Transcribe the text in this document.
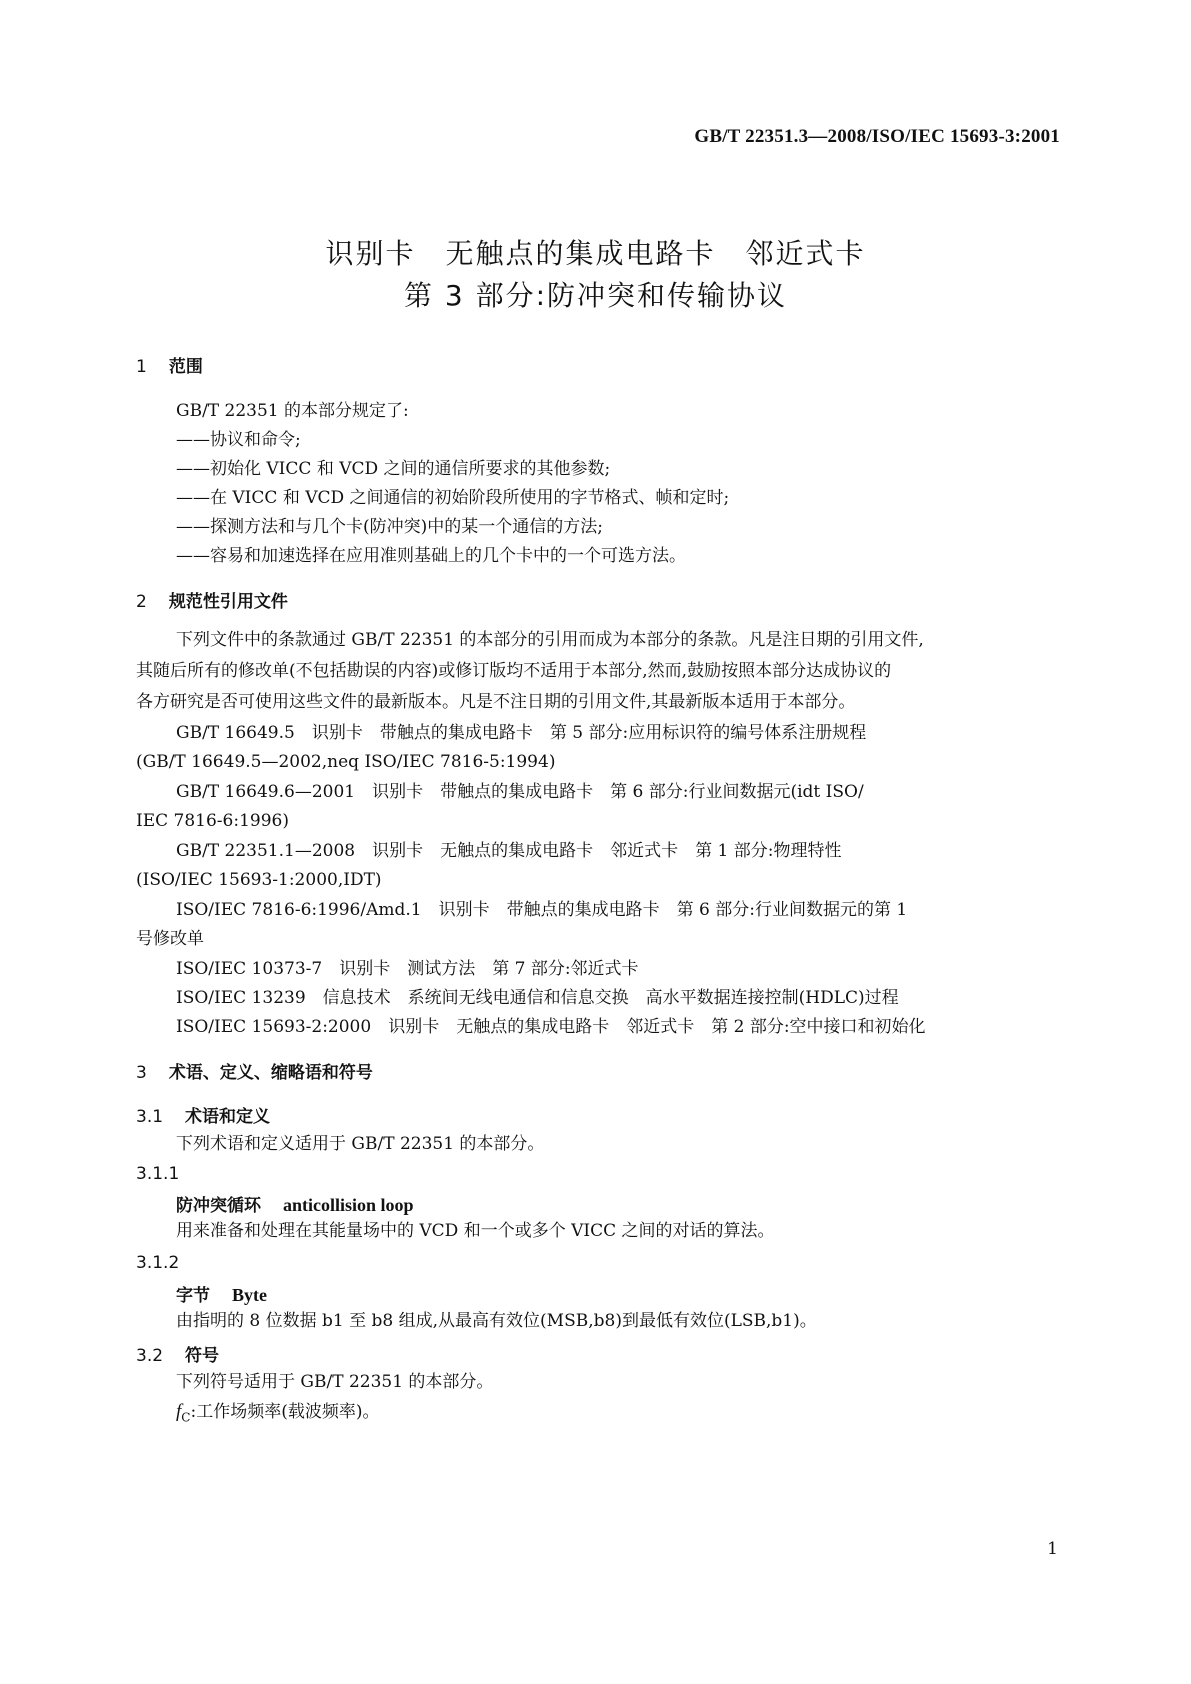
GB/T 22351.3—2008/ISO/IEC 15693-3:2001
识别卡　无触点的集成电路卡　邻近式卡
第 3 部分:防冲突和传输协议
1 范围
GB/T 22351 的本部分规定了:
——协议和命令;
——初始化 VICC 和 VCD 之间的通信所要求的其他参数;
——在 VICC 和 VCD 之间通信的初始阶段所使用的字节格式、帧和定时;
——探测方法和与几个卡(防冲突)中的某一个通信的方法;
——容易和加速选择在应用准则基础上的几个卡中的一个可选方法。
2 规范性引用文件
下列文件中的条款通过 GB/T 22351 的本部分的引用而成为本部分的条款。凡是注日期的引用文件,
其随后所有的修改单(不包括勘误的内容)或修订版均不适用于本部分,然而,鼓励按照本部分达成协议的
各方研究是否可使用这些文件的最新版本。凡是不注日期的引用文件,其最新版本适用于本部分。
GB/T 16649.5　识别卡　带触点的集成电路卡　第 5 部分:应用标识符的编号体系注册规程
(GB/T 16649.5—2002,neq ISO/IEC 7816-5:1994)
GB/T 16649.6—2001　识别卡　带触点的集成电路卡　第 6 部分:行业间数据元(idt ISO/
IEC 7816-6:1996)
GB/T 22351.1—2008　识别卡　无触点的集成电路卡　邻近式卡　第 1 部分:物理特性
(ISO/IEC 15693-1:2000,IDT)
ISO/IEC 7816-6:1996/Amd.1　识别卡　带触点的集成电路卡　第 6 部分:行业间数据元的第 1
号修改单
ISO/IEC 10373-7　识别卡　测试方法　第 7 部分:邻近式卡
ISO/IEC 13239　信息技术　系统间无线电通信和信息交换　高水平数据连接控制(HDLC)过程
ISO/IEC 15693-2:2000　识别卡　无触点的集成电路卡　邻近式卡　第 2 部分:空中接口和初始化
3 术语、定义、缩略语和符号
3.1 术语和定义
下列术语和定义适用于 GB/T 22351 的本部分。
3.1.1
防冲突循环 anticollision loop
用来准备和处理在其能量场中的 VCD 和一个或多个 VICC 之间的对话的算法。
3.1.2
字节 Byte
由指明的 8 位数据 b1 至 b8 组成,从最高有效位(MSB,b8)到最低有效位(LSB,b1)。
3.2 符号
下列符号适用于 GB/T 22351 的本部分。
$f_C$:工作场频率(载波频率)。
1
